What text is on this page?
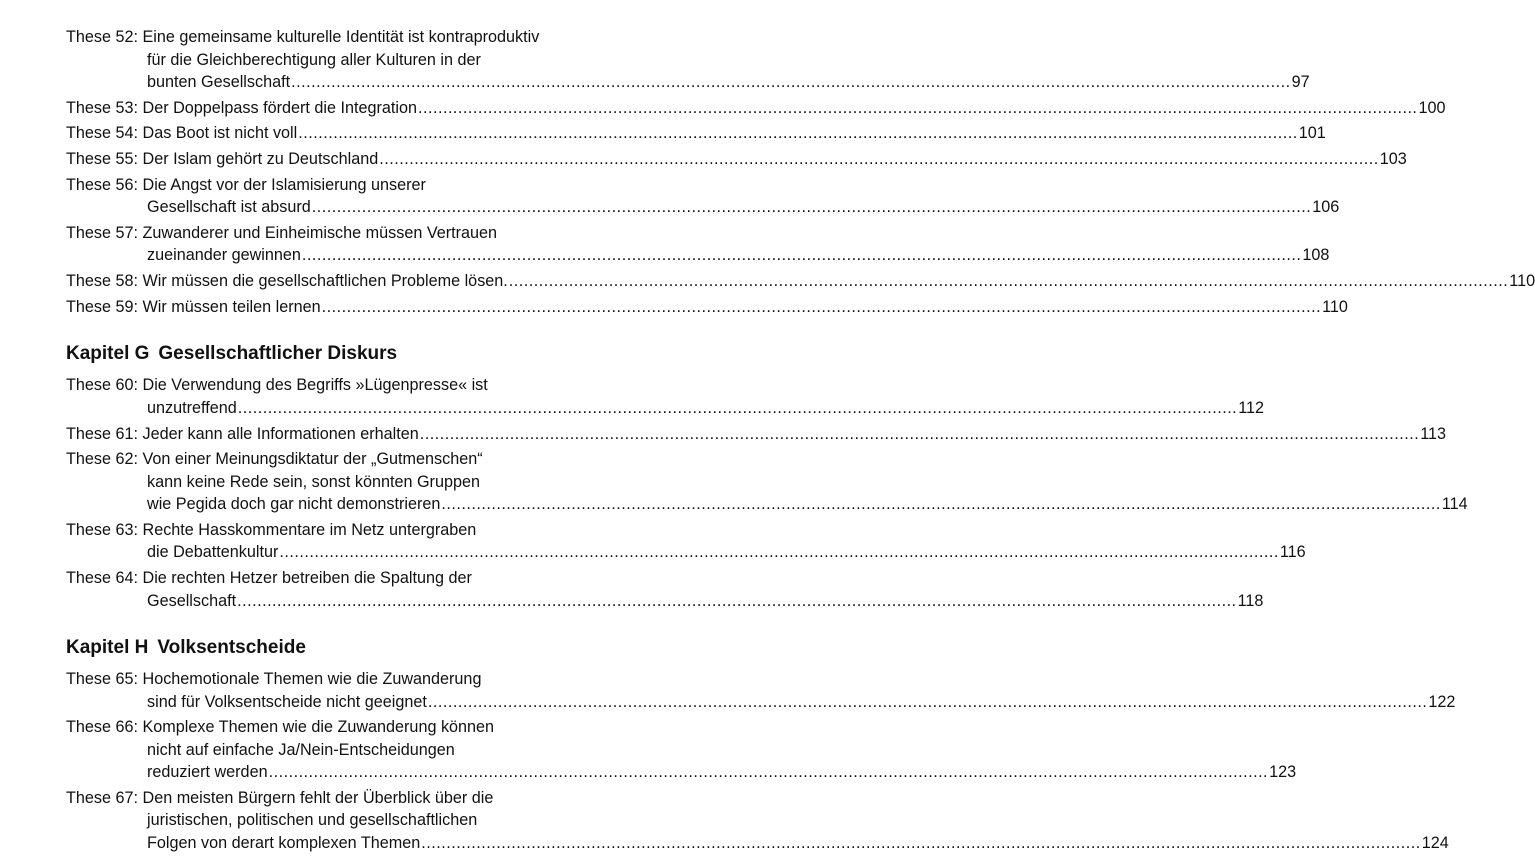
These 52:
Eine gemeinsame kulturelle Identität ist kontraproduktiv
für die Gleichberechtigung aller Kulturen in der
bunten Gesellschaft ........................................................................................................................................................................................................ 97
These 53:
Der Doppelpass fördert die Integration ........................................................................................................................................................................................................ 100
These 54:
Das Boot ist nicht voll ........................................................................................................................................................................................................ 101
These 55:
Der Islam gehört zu Deutschland ........................................................................................................................................................................................................ 103
These 56:
Die Angst vor der Islamisierung unserer
Gesellschaft ist absurd ........................................................................................................................................................................................................ 106
These 57:
Zuwanderer und Einheimische müssen Vertrauen
zueinander gewinnen ........................................................................................................................................................................................................ 108
These 58:
Wir müssen die gesellschaftlichen Probleme lösen. ........................................................................................................................................................................................................ 110
These 59:
Wir müssen teilen lernen ........................................................................................................................................................................................................ 110
Kapitel G Gesellschaftlicher Diskurs
These 60:
Die Verwendung des Begriffs »Lügenpresse« ist
unzutreffend ........................................................................................................................................................................................................ 112
These 61:
Jeder kann alle Informationen erhalten ........................................................................................................................................................................................................ 113
These 62:
Von einer Meinungsdiktatur der „Gutmenschen“
kann keine Rede sein, sonst könnten Gruppen
wie Pegida doch gar nicht demonstrieren ........................................................................................................................................................................................................ 114
These 63:
Rechte Hasskommentare im Netz untergraben
die Debattenkultur ........................................................................................................................................................................................................ 116
These 64:
Die rechten Hetzer betreiben die Spaltung der
Gesellschaft ........................................................................................................................................................................................................ 118
Kapitel H Volksentscheide
These 65:
Hochemotionale Themen wie die Zuwanderung
sind für Volksentscheide nicht geeignet ........................................................................................................................................................................................................ 122
These 66:
Komplexe Themen wie die Zuwanderung können
nicht auf einfache Ja/Nein-Entscheidungen
reduziert werden ........................................................................................................................................................................................................ 123
These 67:
Den meisten Bürgern fehlt der Überblick über die
juristischen, politischen und gesellschaftlichen
Folgen von derart komplexen Themen ........................................................................................................................................................................................................ 124
